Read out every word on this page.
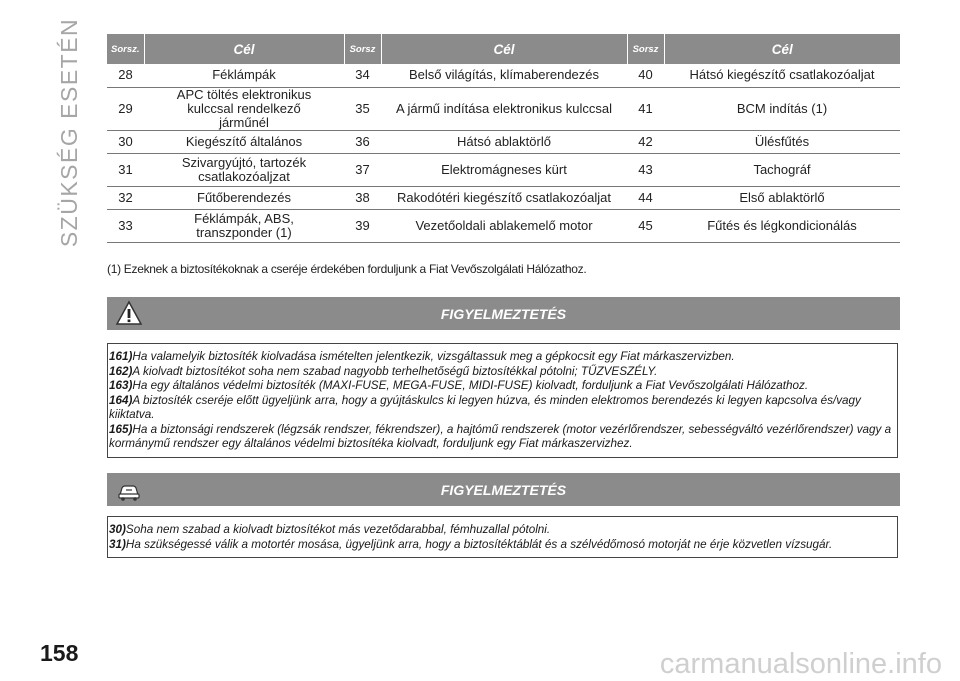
SZÜKSÉG ESETÉN	Sorsz.	Cél	Sorsz	Cél	Sorsz	Cél
28	Féklámpák	34	Belső világítás, klímaberendezés	40	Hátsó kiegészítő csatlakozóaljat
29	APC töltés elektronikus kulccsal rendelkező járműnél	35	A jármű indítása elektronikus kulccsal	41	BCM indítás (1)
30	Kiegészítő általános	36	Hátsó ablaktörlő	42	Ülésfűtés
31	Szivargyújtó, tartozék csatlakozóaljzat	37	Elektromágneses kürt	43	Tachográf
32	Fűtőberendezés	38	Rakodótéri kiegészítő csatlakozóaljat	44	Első ablaktörlő
33	Féklámpák, ABS, transzponder (1)	39	Vezetőoldali ablakemelő motor	45	Fűtés és légkondicionálás
(1) Ezeknek a biztosítékoknak a cseréje érdekében forduljunk a Fiat Vevőszolgálati Hálózathoz.
FIGYELMEZTETÉS

161)Ha valamelyik biztosíték kiolvadása ismételten jelentkezik, vizsgáltassuk meg a gépkocsit egy Fiat márkaszervizben.

162)A kiolvadt biztosítékot soha nem szabad nagyobb terhelhetőségű biztosítékkal pótolni; TŰZVESZÉLY.

163)Ha egy általános védelmi biztosíték (MAXI-FUSE, MEGA-FUSE, MIDI-FUSE) kiolvadt, forduljunk a Fiat Vevőszolgálati Hálózathoz.

164)A biztosíték cseréje előtt ügyeljünk arra, hogy a gyújtáskulcs ki legyen húzva, és minden elektromos berendezés ki legyen kapcsolva és/vagy kiiktatva.

165)Ha a biztonsági rendszerek (légzsák rendszer, fékrendszer), a hajtómű rendszerek (motor vezérlőrendszer, sebességváltó vezérlőrendszer) vagy a kormánymű rendszer egy általános védelmi biztosítéka kiolvadt, forduljunk egy Fiat márkaszervizhez.

FIGYELMEZTETÉS

30)Soha nem szabad a kiolvadt biztosítékot más vezetődarabbal, fémhuzallal pótolni.

31)Ha szükségessé válik a motortér mosása, ügyeljünk arra, hogy a biztosítéktáblát és a szélvédőmosó motorját ne érje közvetlen vízsugár.

158	carmanualsonline.info
